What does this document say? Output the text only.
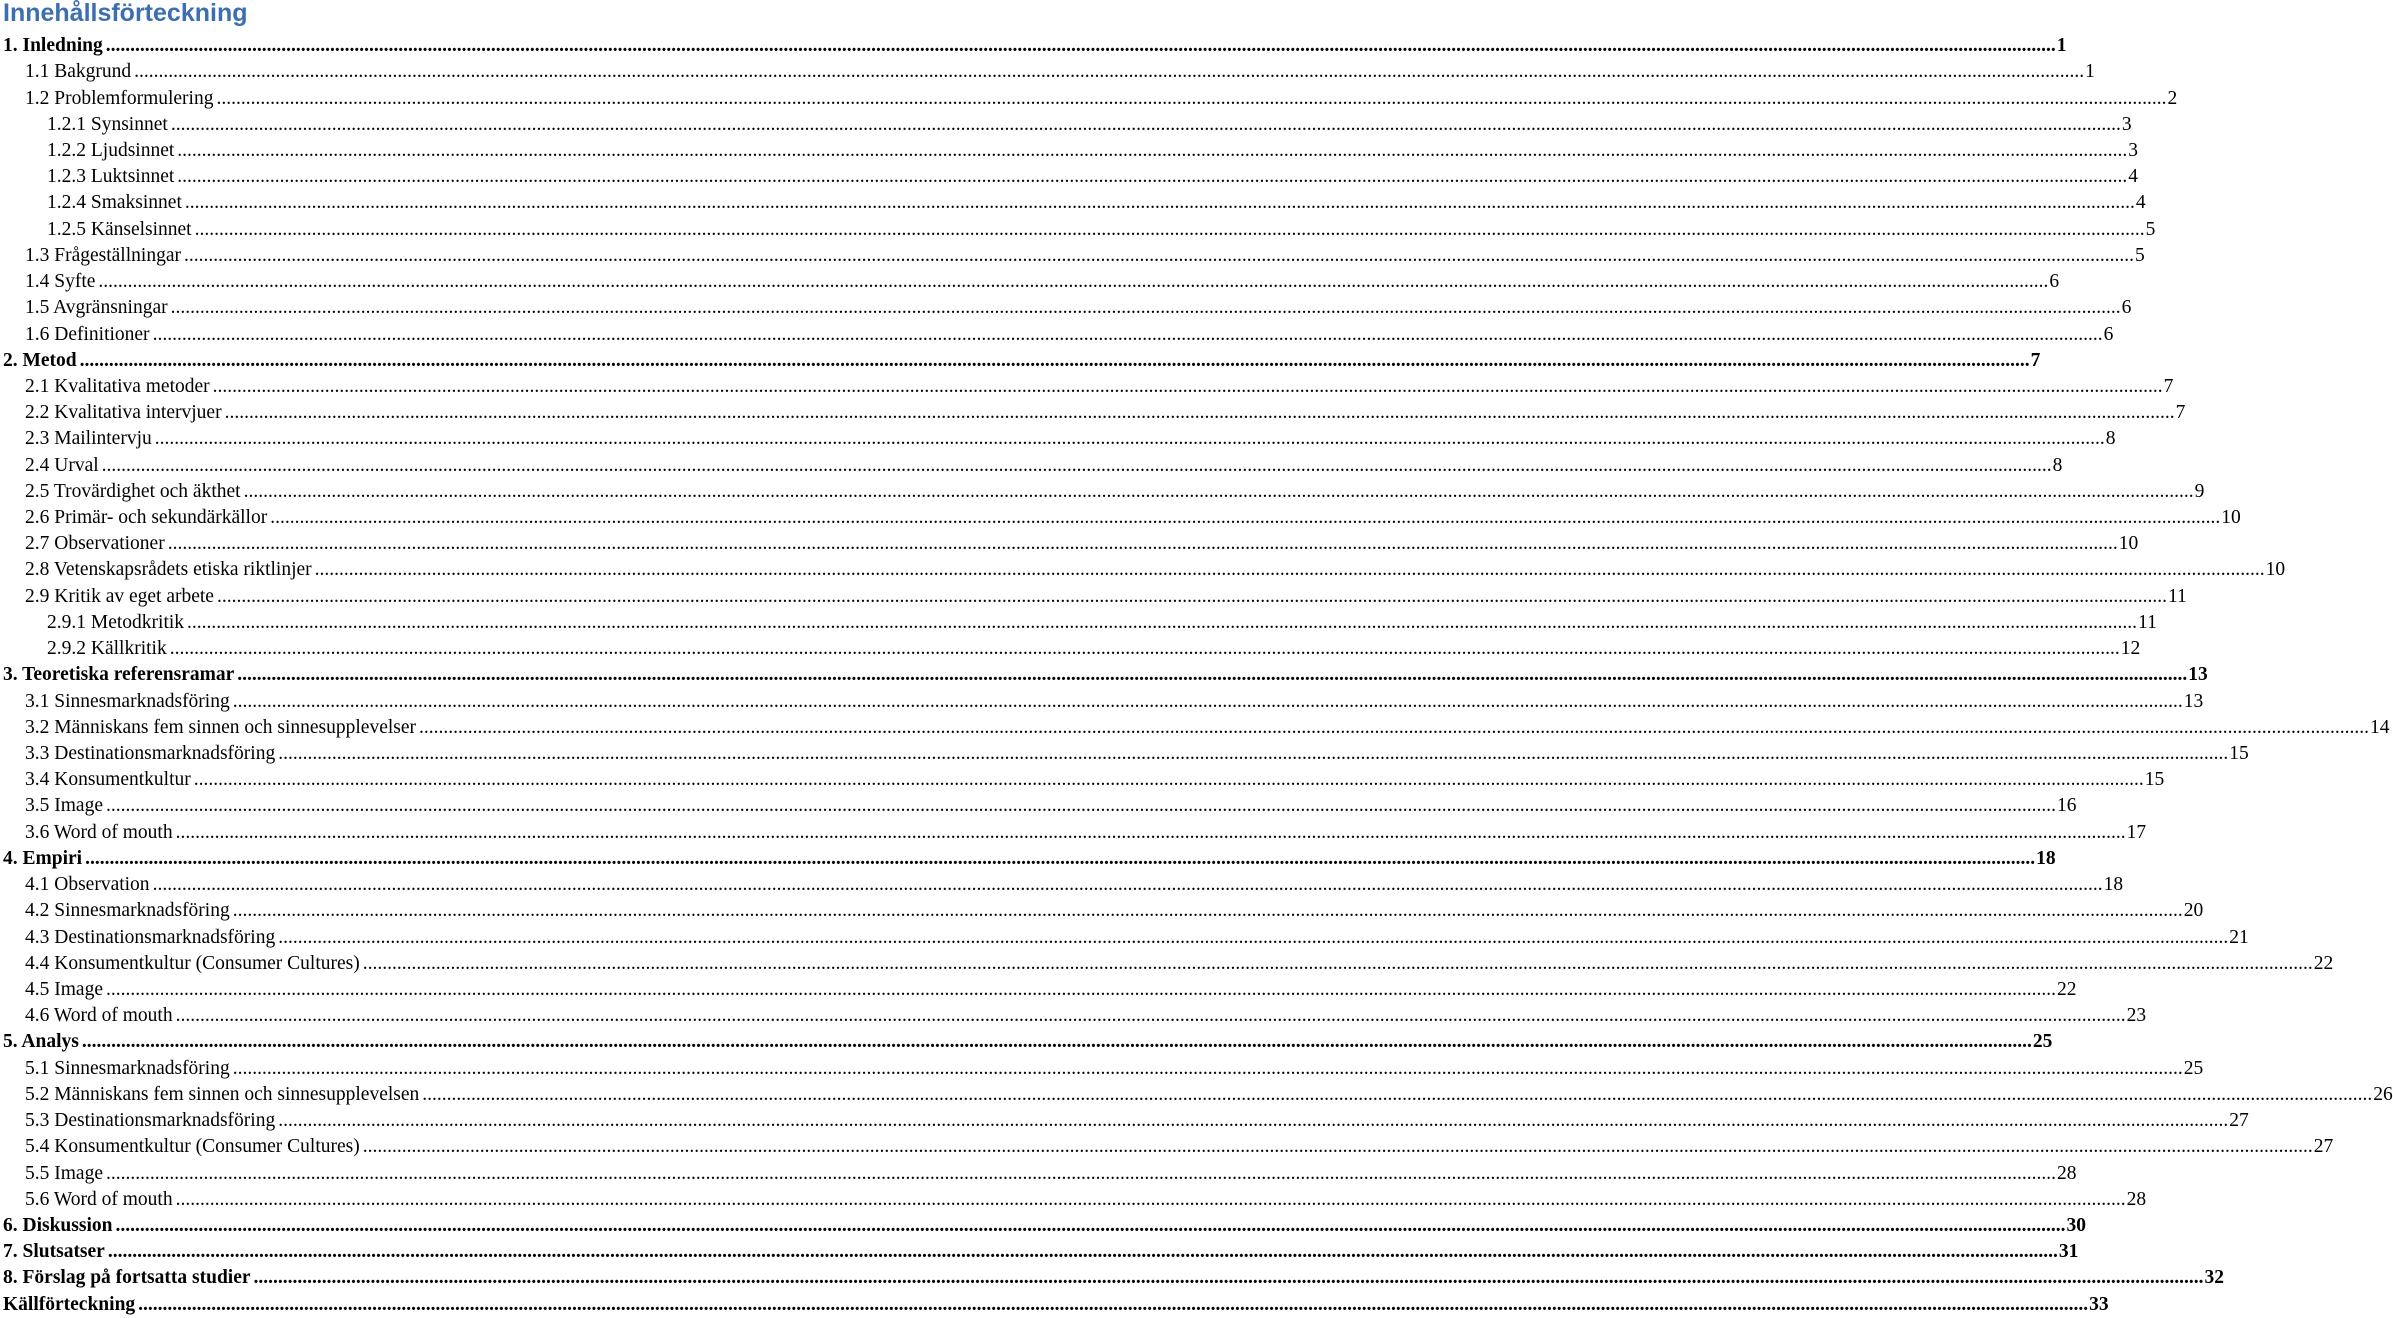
Innehållsförteckning
1. Inledning ................................................................................................................................................................................................................................................................................................................................................................................................................ 1
1.1 Bakgrund ................................................................................................................................................................................................................................................................................................................................................................................................................ 1
1.2 Problemformulering ................................................................................................................................................................................................................................................................................................................................................................................................................ 2
1.2.1 Synsinnet ................................................................................................................................................................................................................................................................................................................................................................................................................ 3
1.2.2 Ljudsinnet ................................................................................................................................................................................................................................................................................................................................................................................................................ 3
1.2.3 Luktsinnet ................................................................................................................................................................................................................................................................................................................................................................................................................ 4
1.2.4 Smaksinnet ................................................................................................................................................................................................................................................................................................................................................................................................................ 4
1.2.5 Känselsinnet ................................................................................................................................................................................................................................................................................................................................................................................................................ 5
1.3 Frågeställningar ................................................................................................................................................................................................................................................................................................................................................................................................................ 5
1.4 Syfte ................................................................................................................................................................................................................................................................................................................................................................................................................ 6
1.5 Avgränsningar ................................................................................................................................................................................................................................................................................................................................................................................................................ 6
1.6 Definitioner ................................................................................................................................................................................................................................................................................................................................................................................................................ 6
2. Metod ................................................................................................................................................................................................................................................................................................................................................................................................................ 7
2.1 Kvalitativa metoder ................................................................................................................................................................................................................................................................................................................................................................................................................ 7
2.2 Kvalitativa intervjuer ................................................................................................................................................................................................................................................................................................................................................................................................................ 7
2.3 Mailintervju ................................................................................................................................................................................................................................................................................................................................................................................................................ 8
2.4 Urval ................................................................................................................................................................................................................................................................................................................................................................................................................ 8
2.5 Trovärdighet och äkthet ................................................................................................................................................................................................................................................................................................................................................................................................................ 9
2.6 Primär- och sekundärkällor ................................................................................................................................................................................................................................................................................................................................................................................................................ 10
2.7 Observationer ................................................................................................................................................................................................................................................................................................................................................................................................................ 10
2.8 Vetenskapsrådets etiska riktlinjer ................................................................................................................................................................................................................................................................................................................................................................................................................ 10
2.9 Kritik av eget arbete ................................................................................................................................................................................................................................................................................................................................................................................................................ 11
2.9.1 Metodkritik ................................................................................................................................................................................................................................................................................................................................................................................................................ 11
2.9.2 Källkritik ................................................................................................................................................................................................................................................................................................................................................................................................................ 12
3. Teoretiska referensramar ................................................................................................................................................................................................................................................................................................................................................................................................................ 13
3.1 Sinnesmarknadsföring ................................................................................................................................................................................................................................................................................................................................................................................................................ 13
3.2 Människans fem sinnen och sinnesupplevelser ................................................................................................................................................................................................................................................................................................................................................................................................................ 14
3.3 Destinationsmarknadsföring ................................................................................................................................................................................................................................................................................................................................................................................................................ 15
3.4 Konsumentkultur ................................................................................................................................................................................................................................................................................................................................................................................................................ 15
3.5 Image ................................................................................................................................................................................................................................................................................................................................................................................................................ 16
3.6 Word of mouth ................................................................................................................................................................................................................................................................................................................................................................................................................ 17
4. Empiri ................................................................................................................................................................................................................................................................................................................................................................................................................ 18
4.1 Observation ................................................................................................................................................................................................................................................................................................................................................................................................................ 18
4.2 Sinnesmarknadsföring ................................................................................................................................................................................................................................................................................................................................................................................................................ 20
4.3 Destinationsmarknadsföring ................................................................................................................................................................................................................................................................................................................................................................................................................ 21
4.4 Konsumentkultur (Consumer Cultures) ................................................................................................................................................................................................................................................................................................................................................................................................................ 22
4.5 Image ................................................................................................................................................................................................................................................................................................................................................................................................................ 22
4.6 Word of mouth ................................................................................................................................................................................................................................................................................................................................................................................................................ 23
5. Analys ................................................................................................................................................................................................................................................................................................................................................................................................................ 25
5.1 Sinnesmarknadsföring ................................................................................................................................................................................................................................................................................................................................................................................................................ 25
5.2 Människans fem sinnen och sinnesupplevelsen ................................................................................................................................................................................................................................................................................................................................................................................................................ 26
5.3 Destinationsmarknadsföring ................................................................................................................................................................................................................................................................................................................................................................................................................ 27
5.4 Konsumentkultur (Consumer Cultures) ................................................................................................................................................................................................................................................................................................................................................................................................................ 27
5.5 Image ................................................................................................................................................................................................................................................................................................................................................................................................................ 28
5.6 Word of mouth ................................................................................................................................................................................................................................................................................................................................................................................................................ 28
6. Diskussion ................................................................................................................................................................................................................................................................................................................................................................................................................ 30
7. Slutsatser ................................................................................................................................................................................................................................................................................................................................................................................................................ 31
8. Förslag på fortsatta studier ................................................................................................................................................................................................................................................................................................................................................................................................................ 32
Källförteckning ................................................................................................................................................................................................................................................................................................................................................................................................................ 33
